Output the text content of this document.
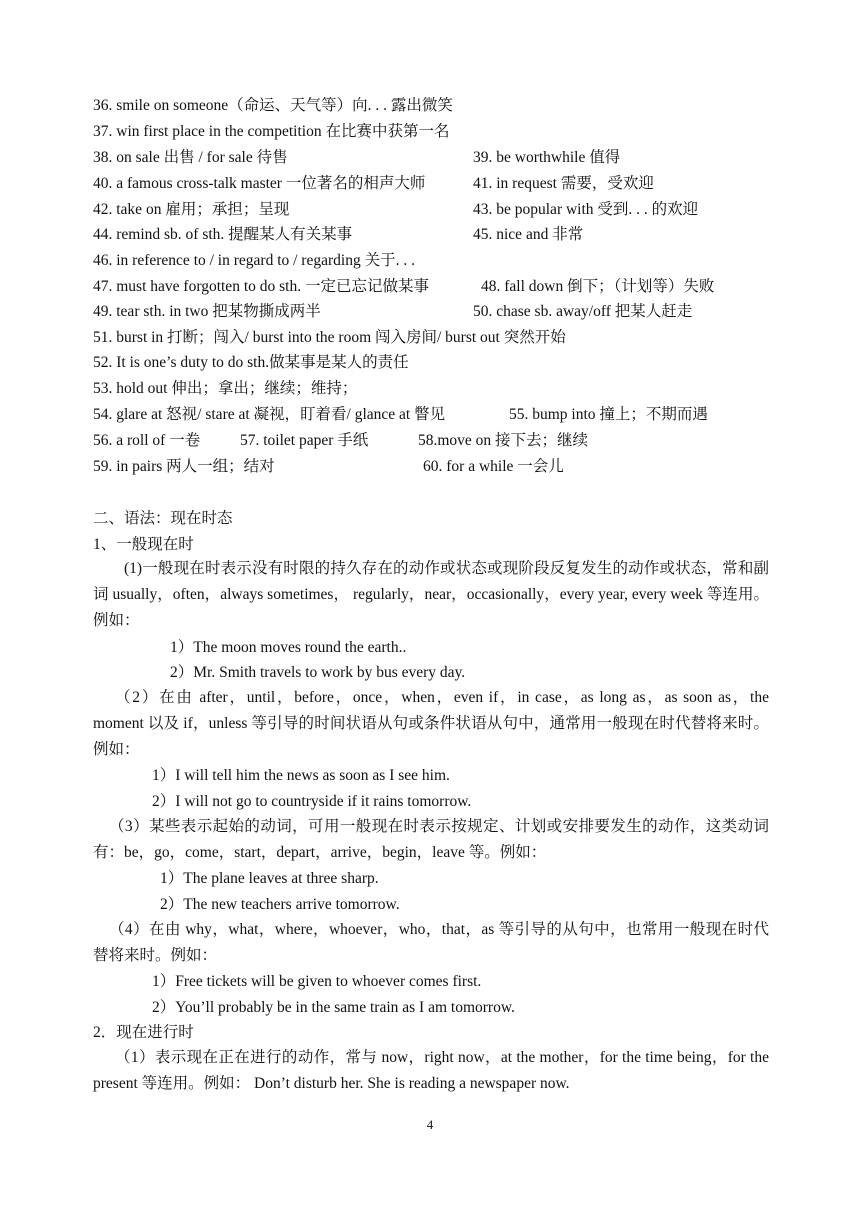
36. smile on someone（命运、天气等）向. . . 露出微笑
37. win first place in the competition 在比赛中获第一名
38. on sale 出售 / for sale 待售	39. be worthwhile 值得
40. a famous cross-talk master 一位著名的相声大师	41. in request 需要，受欢迎
42. take on 雇用；承担；呈现	43. be popular with 受到. . . 的欢迎
44. remind sb. of sth. 提醒某人有关某事	45. nice and 非常
46. in reference to / in regard to / regarding 关于. . .
47. must have forgotten to do sth. 一定已忘记做某事	48. fall down 倒下；（计划等）失败
49. tear sth. in two 把某物撕成两半	50. chase sb. away/off 把某人赶走
51. burst in 打断；闯入/ burst into the room 闯入房间/ burst out 突然开始
52. It is one’s duty to do sth.做某事是某人的责任
53. hold out 伸出；拿出；继续；维持；
54. glare at 怒视/ stare at 凝视，盯着看/ glance at 瞥见	55. bump into 撞上；不期而遇
56. a roll of 一卷	57. toilet paper 手纸	58.move on 接下去；继续
59. in pairs 两人一组；结对	60. for a while 一会儿
二、语法：现在时态
1、一般现在时
(1)一般现在时表示没有时限的持久存在的动作或状态或现阶段反复发生的动作或状态，常和副词 usually，often，always sometimes， regularly，near，occasionally，every year, every week 等连用。例如：
1）The moon moves round the earth..
2）Mr. Smith travels to work by bus every day.
（2）在由 after，until，before，once，when，even if，in case，as long as，as soon as，the moment 以及 if，unless 等引导的时间状语从句或条件状语从句中，通常用一般现在时代替将来时。例如：
1）I will tell him the news as soon as I see him.
2）I will not go to countryside if it rains tomorrow.
（3）某些表示起始的动词，可用一般现在时表示按规定、计划或安排要发生的动作，这类动词有：be，go，come，start，depart，arrive，begin，leave 等。例如：
1）The plane leaves at three sharp.
2）The new teachers arrive tomorrow.
（4）在由 why，what，where，whoever，who，that，as 等引导的从句中，也常用一般现在时代替将来时。例如：
1）Free tickets will be given to whoever comes first.
2）You’ll probably be in the same train as I am tomorrow.
2．现在进行时
（1）表示现在正在进行的动作，常与 now，right now，at the mother，for the time being，for the present 等连用。例如： Don’t disturb her. She is reading a newspaper now.
4
